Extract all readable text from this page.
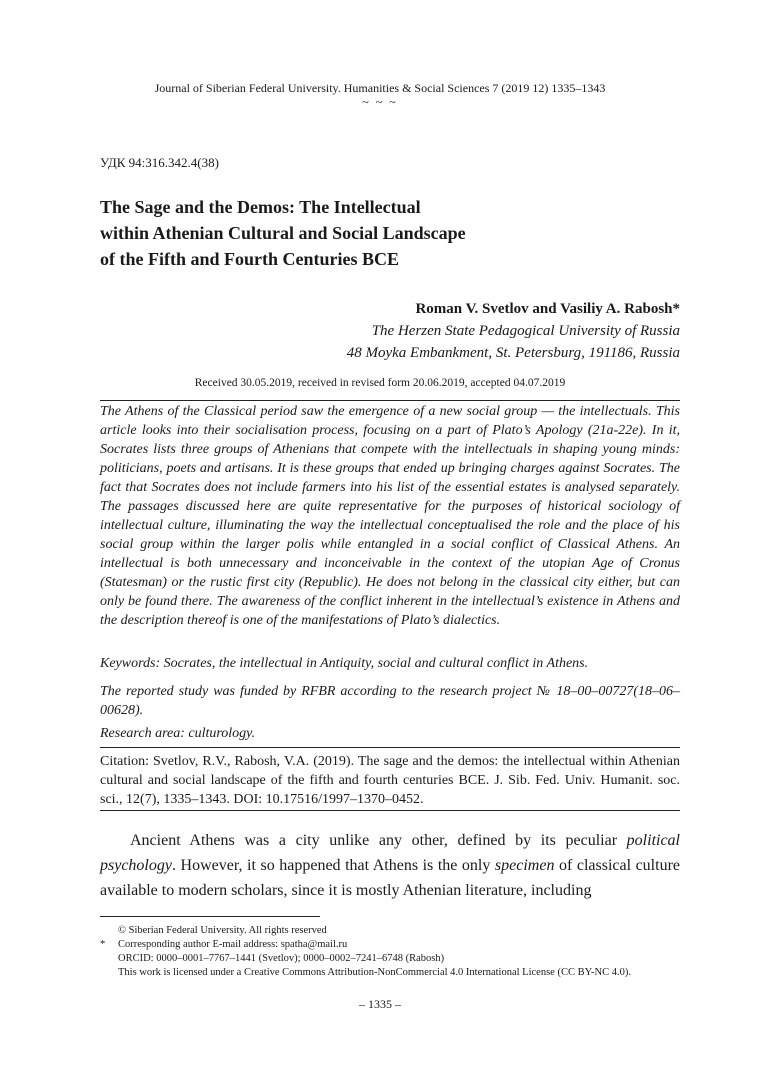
Journal of Siberian Federal University. Humanities & Social Sciences 7 (2019 12) 1335–1343
~ ~ ~
УДК 94:316.342.4(38)
The Sage and the Demos: The Intellectual
within Athenian Cultural and Social Landscape
of the Fifth and Fourth Centuries BCE
Roman V. Svetlov and Vasiliy A. Rabosh*
The Herzen State Pedagogical University of Russia
48 Moyka Embankment, St. Petersburg, 191186, Russia
Received 30.05.2019, received in revised form 20.06.2019, accepted 04.07.2019

The Athens of the Classical period saw the emergence of a new social group — the intellectuals. This article looks into their socialisation process, focusing on a part of Plato’s Apology (21a-22e). In it, Socrates lists three groups of Athenians that compete with the intellectuals in shaping young minds: politicians, poets and artisans. It is these groups that ended up bringing charges against Socrates. The fact that Socrates does not include farmers into his list of the essential estates is analysed separately. The passages discussed here are quite representative for the purposes of historical sociology of intellectual culture, illuminating the way the intellectual conceptualised the role and the place of his social group within the larger polis while entangled in a social conflict of Classical Athens. An intellectual is both unnecessary and inconceivable in the context of the utopian Age of Cronus (Statesman) or the rustic first city (Republic). He does not belong in the classical city either, but can only be found there. The awareness of the conflict inherent in the intellectual’s existence in Athens and the description thereof is one of the manifestations of Plato’s dialectics.

Keywords: Socrates, the intellectual in Antiquity, social and cultural conflict in Athens.
The reported study was funded by RFBR according to the research project № 18–00–00727(18–06–00628).
Research area: culturology.
Citation: Svetlov, R.V., Rabosh, V.A. (2019). The sage and the demos: the intellectual within Athenian cultural and social landscape of the fifth and fourth centuries BCE. J. Sib. Fed. Univ. Humanit. soc. sci., 12(7), 1335–1343. DOI: 10.17516/1997–1370–0452.
Ancient Athens was a city unlike any other, defined by its peculiar political psychology. However, it so happened that Athens is the only specimen of classical culture available to modern scholars, since it is mostly Athenian literature, including
© Siberian Federal University. All rights reserved
* Corresponding author E-mail address: spatha@mail.ru
ORCID: 0000–0001–7767–1441 (Svetlov); 0000–0002–7241–6748 (Rabosh)
This work is licensed under a Creative Commons Attribution-NonCommercial 4.0 International License (CC BY-NC 4.0).
– 1335 –
